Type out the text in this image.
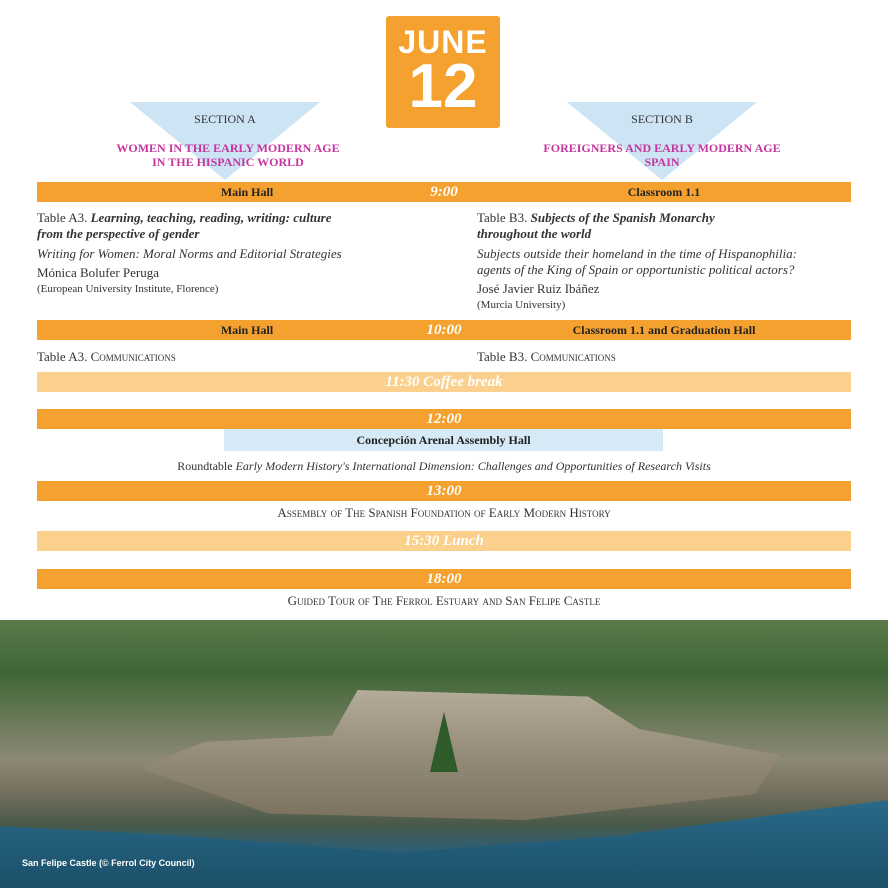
JUNE
12
SECTION A
WOMEN IN THE EARLY MODERN AGE
IN THE HISPANIC WORLD
SECTION B
FOREIGNERS AND EARLY MODERN AGE
SPAIN
Main Hall	9:00	Classroom 1.1
Table A3. Learning, teaching, reading, writing: culture
from the perspective of gender
Writing for Women: Moral Norms and Editorial Strategies
Mónica Bolufer Peruga
(European University Institute, Florence)
Table B3. Subjects of the Spanish Monarchy
throughout the world
Subjects outside their homeland in the time of Hispanophilia:
agents of the King of Spain or opportunistic political actors?
José Javier Ruiz Ibáñez
(Murcia University)
Main Hall	10:00	Classroom 1.1 and Graduation Hall
Table A3. Communications	Table B3. Communications
11:30 Coffee break
12:00
Concepción Arenal Assembly Hall
Roundtable Early Modern History's International Dimension: Challenges and Opportunities of Research Visits
13:00
Assembly of The Spanish Foundation of Early Modern History
15:30 Lunch
18:00
Guided Tour of The Ferrol Estuary and San Felipe Castle
San Felipe Castle (© Ferrol City Council)
